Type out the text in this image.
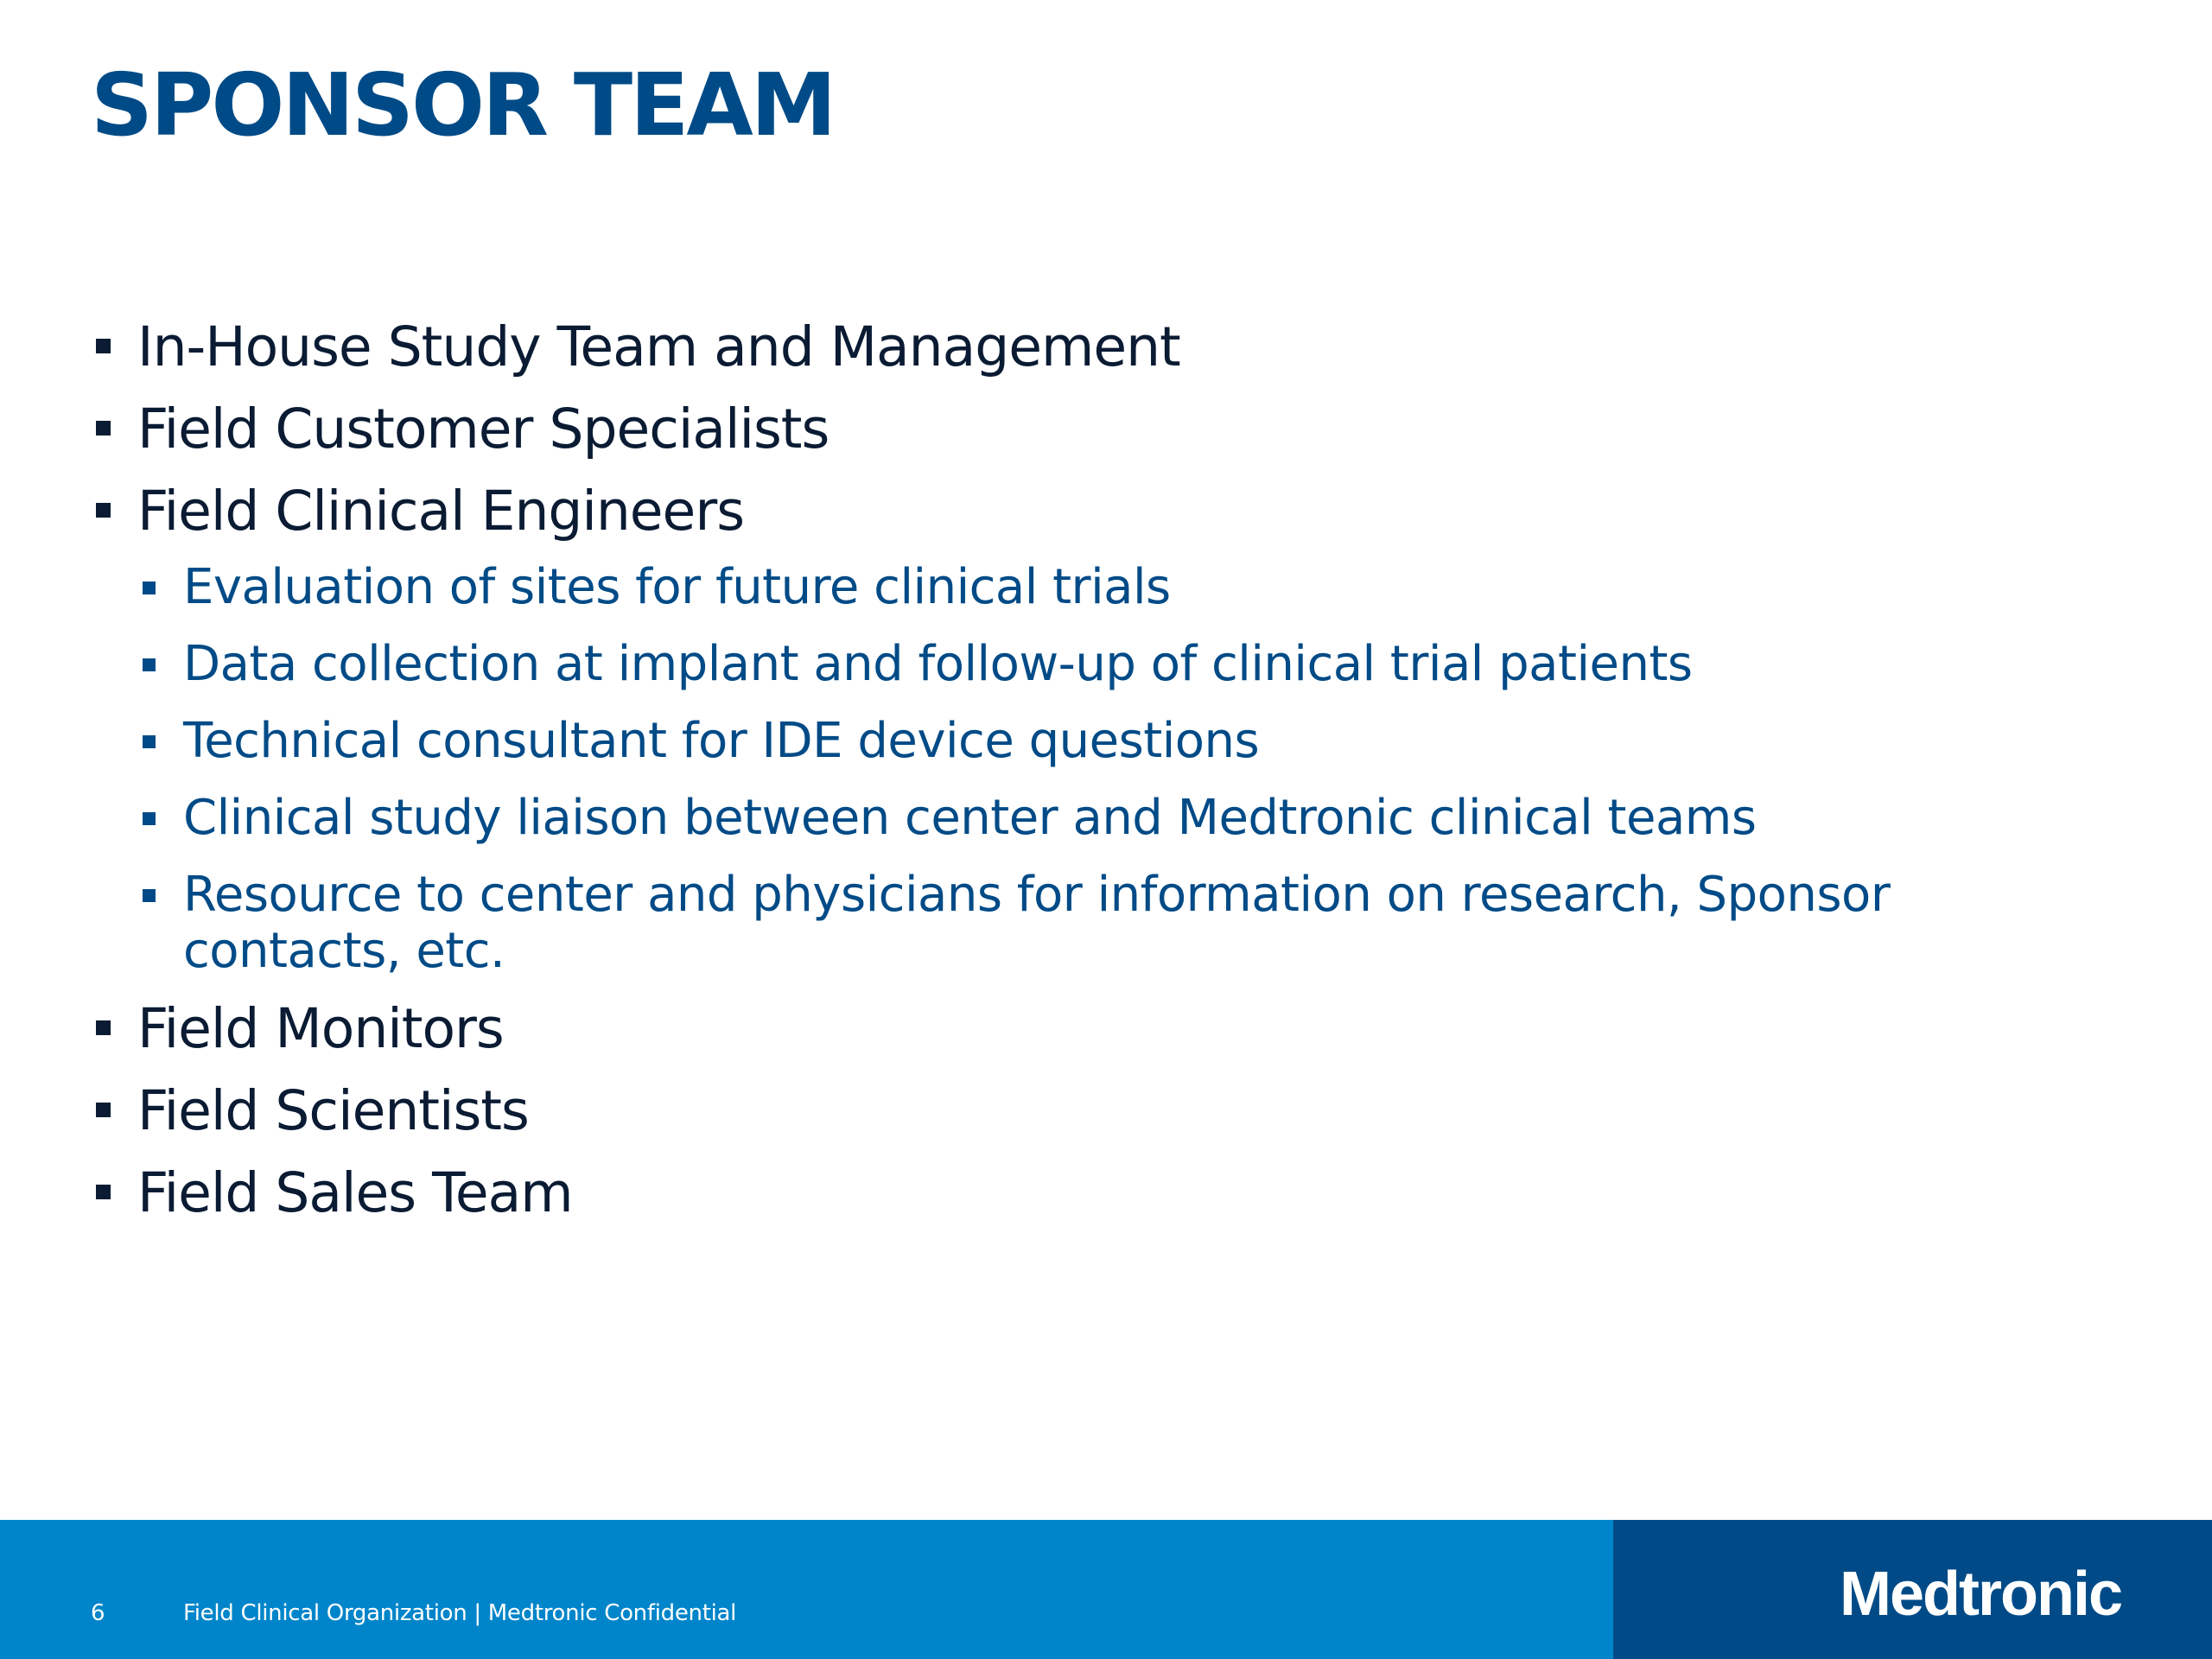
SPONSOR TEAM
In-House Study Team and Management
Field Customer Specialists
Field Clinical Engineers
Evaluation of sites for future clinical trials
Data collection at implant and follow-up of clinical trial patients
Technical consultant for IDE device questions
Clinical study liaison between center and Medtronic clinical teams
Resource to center and physicians for information on research, Sponsor contacts, etc.
Field Monitors
Field Scientists
Field Sales Team
6	Field Clinical Organization | Medtronic Confidential	Medtronic
